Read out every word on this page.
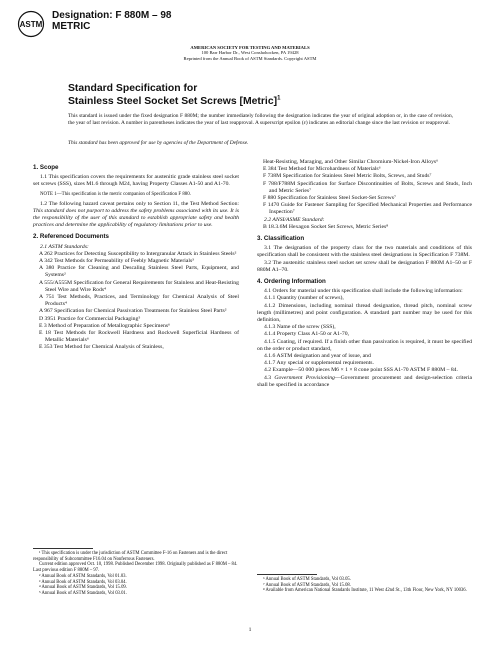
ASTM
Designation: F 880M – 98
METRIC
AMERICAN SOCIETY FOR TESTING AND MATERIALS
100 Barr Harbor Dr., West Conshohocken, PA 19428
Reprinted from the Annual Book of ASTM Standards. Copyright ASTM
Standard Specification for
Stainless Steel Socket Set Screws [Metric]$^1$
This standard is issued under the fixed designation F 880M; the number immediately following the designation indicates the year of original adoption or, in the case of revision, the year of last revision. A number in parentheses indicates the year of last reapproval. A superscript epsilon (ε) indicates an editorial change since the last revision or reapproval.
This standard has been approved for use by agencies of the Department of Defense.

1. Scope

1.1 This specification covers the requirements for austenitic grade stainless steel socket set screws (SSS), sizes M1.6 through M24, having Property Classes A1-50 and A1-70.

NOTE 1—This specification is the metric companion of Specification F 880.

1.2 The following hazard caveat pertains only to Section 11, the Test Method Section: This standard does not purport to address the safety problems associated with its use. It is the responsibility of the user of this standard to establish appropriate safety and health practices and determine the applicability of regulatory limitations prior to use.

2. Referenced Documents

2.1 ASTM Standards:

A 262 Practices for Detecting Susceptibility to Intergranular Attack in Stainless Steels²

A 342 Test Methods for Permeability of Feebly Magnetic Materials³

A 380 Practice for Cleaning and Descaling Stainless Steel Parts, Equipment, and Systems²

A 555/A555M Specification for General Requirements for Stainless and Heat-Resisting Steel Wire and Wire Rods⁴

A 751 Test Methods, Practices, and Terminology for Chemical Analysis of Steel Products⁴

A 967 Specification for Chemical Passivation Treatments for Stainless Steel Parts²

D 3951 Practice for Commercial Packaging⁵

E 3 Method of Preparation of Metallographic Specimens⁶

E 18 Test Methods for Rockwell Hardness and Rockwell Superficial Hardness of Metallic Materials⁶

E 353 Test Method for Chemical Analysis of Stainless,

Heat-Resisting, Maraging, and Other Similar Chromium-Nickel-Iron Alloys⁶

E 384 Test Method for Microhardness of Materials⁶

F 738M Specification for Stainless Steel Metric Bolts, Screws, and Studs⁷

F 788/F788M Specification for Surface Discontinuities of Bolts, Screws and Studs, Inch and Metric Series⁷

F 880 Specification for Stainless Steel Socket-Set Screws⁷

F 1470 Guide for Fastener Sampling for Specified Mechanical Properties and Performance Inspection⁷

2.2 ANSI/ASME Standard:

B 18.3.6M Hexagon Socket Set Screws, Metric Series⁸

3. Classification

3.1 The designation of the property class for the two materials and conditions of this specification shall be consistent with the stainless steel designations in Specification F 738M.

3.2 The austenitic stainless steel socket set screw shall be designation F 880M A1–50 or F 880M A1–70.

4. Ordering Information

4.1 Orders for material under this specification shall include the following information:

4.1.1 Quantity (number of screws),

4.1.2 Dimensions, including nominal thread designation, thread pitch, nominal screw length (millimetres) and point configuration. A standard part number may be used for this definition,

4.1.3 Name of the screw (SSS),

4.1.4 Property Class A1-50 or A1-70,

4.1.5 Coating, if required. If a finish other than passivation is required, it must be specified on the order or product standard,

4.1.6 ASTM designation and year of issue, and

4.1.7 Any special or supplemental requirements.

4.2 Example—50 000 pieces M6 × 1 × 8 cone point SSS A1-70 ASTM F 880M – 84.

4.3 Government Provisioning—Government procurement and design-selection criteria shall be specified in accordance

¹ This specification is under the jurisdiction of ASTM Committee F-16 on Fasteners and is the direct responsibility of Subcommittee F16.04 on Nonferrous Fasteners.

Current edition approved Oct. 10, 1998. Published December 1998. Originally published as F 880M – 84. Last previous edition F 880M – 97.

² Annual Book of ASTM Standards, Vol 01.03.

³ Annual Book of ASTM Standards, Vol 03.04.

⁴ Annual Book of ASTM Standards, Vol 15.09.

⁵ Annual Book of ASTM Standards, Vol 03.01.

⁶ Annual Book of ASTM Standards, Vol 03.05.

⁷ Annual Book of ASTM Standards, Vol 15.08.

⁸ Available from American National Standards Institute, 11 West 42nd St., 13th Floor, New York, NY 10036.

1
